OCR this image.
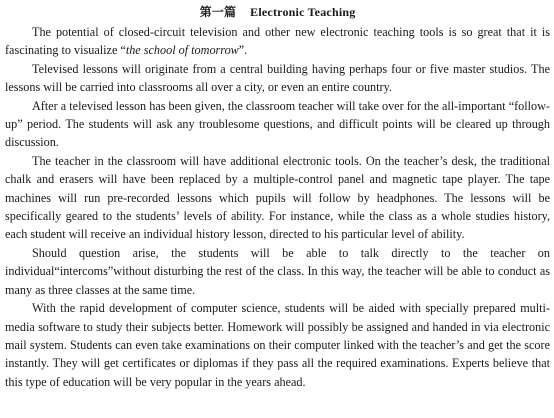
第一篇 Electronic Teaching

The potential of closed-circuit television and other new electronic teaching tools is so great that it is fascinating to visualize “the school of tomorrow”.

Televised lessons will originate from a central building having perhaps four or five master studios. The lessons will be carried into classrooms all over a city, or even an entire country.

After a televised lesson has been given, the classroom teacher will take over for the all-important “follow-up” period. The students will ask any troublesome questions, and difficult points will be cleared up through discussion.

The teacher in the classroom will have additional electronic tools. On the teacher’s desk, the traditional chalk and erasers will have been replaced by a multiple-control panel and magnetic tape player. The tape machines will run pre-recorded lessons which pupils will follow by headphones. The lessons will be specifically geared to the students’ levels of ability. For instance, while the class as a whole studies history, each student will receive an individual history lesson, directed to his particular level of ability.

Should question arise, the students will be able to talk directly to the teacher on individual“intercoms”without disturbing the rest of the class. In this way, the teacher will be able to conduct as many as three classes at the same time.

With the rapid development of computer science, students will be aided with specially prepared multi-media software to study their subjects better. Homework will possibly be assigned and handed in via electronic mail system. Students can even take examinations on their computer linked with the teacher’s and get the score instantly. They will get certificates or diplomas if they pass all the required examinations. Experts believe that this type of education will be very popular in the years ahead.
